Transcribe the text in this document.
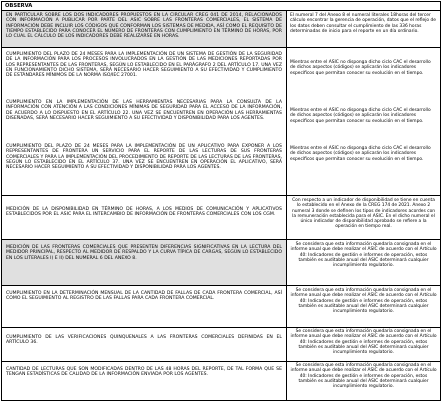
OBSERVA
EN PARTICULAR SOBRE LOS DOS INDICADORES PROPUESTOS EN LA CIRCULAR CREG 041 DE 2014, RELACIONADOS CON INFORMACIÓN A PUBLICAR POR PARTE DEL ASIC SOBRE LAS FRONTERAS COMERCIALES, EL SISTEMA DE INFORMACIÓN DEBE INCLUIR LOS CÓDIGOS QUE CONFORMAN LOS SISTEMAS DE MEDIDA, ASÍ COMO EL REQUISITO DE TIEMPO ESTABLECIDO PARA CONOCER EL NÚMERO DE FRONTERAS CON CUMPLIMIENTO EN TÉRMINO DE HORAS, POR LO CUAL EL CÁLCULO DE LOS INDICADORES DEBE REALIZARSE EN HORAS.
El numeral 7 del Anexo 8 el numeral literales 18horas del tercer cálculo encontrar la gerencia de operación, datos que el reflejo de los datos deben consultar el cumplimiento de las 336 horas determinadas de inicio para el reporte en un día ordinario.
CUMPLIMIENTO DEL PLAZO DE 24 MESES PARA LA IMPLEMENTACIÓN DE UN SISTEMA DE GESTIÓN DE LA SEGURIDAD DE LA INFORMACIÓN PARA LOS PROCESOS INVOLUCRADOS EN LA GESTIÓN DE LAS MEDICIONES REPORTADAS POR LOS REPRESENTANTES DE LAS FRONTERAS, SEGÚN LO ESTABLECIDO EN EL PARÁGRAFO 2 DEL ARTÍCULO 17. UNA VEZ EN FUNCIONAMIENTO DICHO SISTEMA, SERÁ NECESARIO HACER SEGUIMIENTO A SU EFECTIVIDAD Y CUMPLIMIENTO DE ESTÁNDARES MÍNIMOS DE LA NORMA ISO/IEC 27001.
Mientras entre el ASIC no disponga dicho ciclo CAC el desarrollo de dichos aspectos (códigos) se aplicarán los indicadores específicos que permitan conocer su evolución en el tiempo.
CUMPLIMIENTO EN LA IMPLEMENTACIÓN DE LAS HERRAMIENTAS NECESARIAS PARA LA CONSULTA DE LA INFORMACIÓN CON ATENCIÓN A LAS CONDICIONES MÍNIMAS DE SEGURIDAD PARA EL ACCESO DE LA INFORMACIÓN, DE ACUERDO A LO DISPUESTO EN EL ARTÍCULO 22. UNA VEZ SE ENCUENTREN EN OPERACIÓN LAS HERRAMIENTAS DISEÑADAS, SERÁ NECESARIO HACER SEGUIMIENTO A SU EFECTIVIDAD Y DISPONIBILIDAD PARA LOS AGENTES.
Mientras entre el ASIC no disponga dicho ciclo CAC el desarrollo de dichos aspectos (códigos) se aplicarán los indicadores específicos que permitan conocer su evolución en el tiempo.
CUMPLIMIENTO DEL PLAZO DE 24 MESES PARA LA IMPLEMENTACIÓN DE UN APLICATIVO PARA EXPONER A LOS REPRESENTANTES DE FRONTERA UN SERVICIO PARA EL REPORTE DE LAS LECTURAS DE SUS FRONTERAS COMERCIALES Y PARA LA IMPLEMENTACIÓN DEL PROCEDIMIENTO DE REPORTE DE LAS LECTURAS DE LAS FRONTERAS, SEGÚN LO ESTABLECIDO EN EL ARTÍCULO 37. UNA VEZ SE ENCUENTREN EN OPERACIÓN EL APLICATIVO, SERÁ NECESARIO HACER SEGUIMIENTO A SU EFECTIVIDAD Y DISPONIBILIDAD PARA LOS AGENTES.
Mientras entre el ASIC no disponga dicho ciclo CAC el desarrollo de dichos aspectos (códigos) se aplicarán los indicadores específicos que permitan conocer su evolución en el tiempo.
MEDICIÓN DE LA DISPONIBILIDAD EN TÉRMINO DE HORAS, A LOS MEDIOS DE COMUNICACIÓN Y APLICATIVOS ESTABLECIDOS POR EL ASIC PARA EL INTERCAMBIO DE INFORMACIÓN DE FRONTERAS COMERCIALES CON LOS CGM.
Con respecto a un indicador de disponibilidad se tiene en cuenta lo establecido en el Anexo de la CREG 174 de 2021. Anexo 2 numeral 3 donde se definen los tipos de indicadores acordes con la remuneración establecida para el ASIC. En el dicho numeral el único indicador de disponibilidad aprobado se refiere a la operación en tiempo real.
MEDICIÓN DE LAS FRONTERAS COMERCIALES QUE PRESENTEN DIFERENCIAS SIGNIFICATIVAS EN LA LECTURA DEL MEDIDOR PRINCIPAL, RESPECTO AL MEDIDOR DE RESPALDO Y LA CURVA TÍPICA DE CARGAS, SEGÚN LO ESTABLECIDO EN LOS LITERALES I) E II) DEL NUMERAL 6 DEL ANEXO 8.
Se considera que esta información quedaría consignada en el informe anual que debe realizar el ASIC de acuerdo con el Artículo 40: Indicadores de gestión e informes de operación, estos también es auditable anual del ASIC determinará cualquier incumplimiento regulatorio.
CUMPLIMIENTO EN LA DETERMINACIÓN MENSUAL DE LA CANTIDAD DE FALLAS DE CADA FRONTERA COMERCIAL, ASÍ COMO EL SEGUIMIENTO AL REGISTRO DE LAS FALLAS PARA CADA FRONTERA COMERCIAL.
Se considera que esta información quedaría consignada en el informe anual que debe realizar el ASIC de acuerdo con el Artículo 40: Indicadores de gestión e informes de operación, estos también es auditable anual del ASIC determinará cualquier incumplimiento regulatorio.
CUMPLIMIENTO DE LAS VERIFICACIONES QUINQUENALES A LAS FRONTERAS COMERCIALES DEFINIDAS EN EL ARTÍCULO 36.
Se considera que esta información quedaría consignada en el informe anual que debe realizar el ASIC de acuerdo con el Artículo 40: Indicadores de gestión e informes de operación, estos también es auditable anual del ASIC determinará cualquier incumplimiento regulatorio.
CANTIDAD DE LECTURAS QUE SON MODIFICADAS DENTRO DE LAS 48 HORAS DEL REPORTE, DE TAL FORMA QUE SE TENGAN ESTADÍSTICAS DE CALIDAD DE LA INFORMACIÓN ENVIADA POR LOS AGENTES.
Se considera que esta información quedaría consignada en el informe anual que debe realizar el ASIC de acuerdo con el Artículo 40: Indicadores de gestión e informes de operación, estos también es auditable anual del ASIC determinará cualquier incumplimiento regulatorio.
